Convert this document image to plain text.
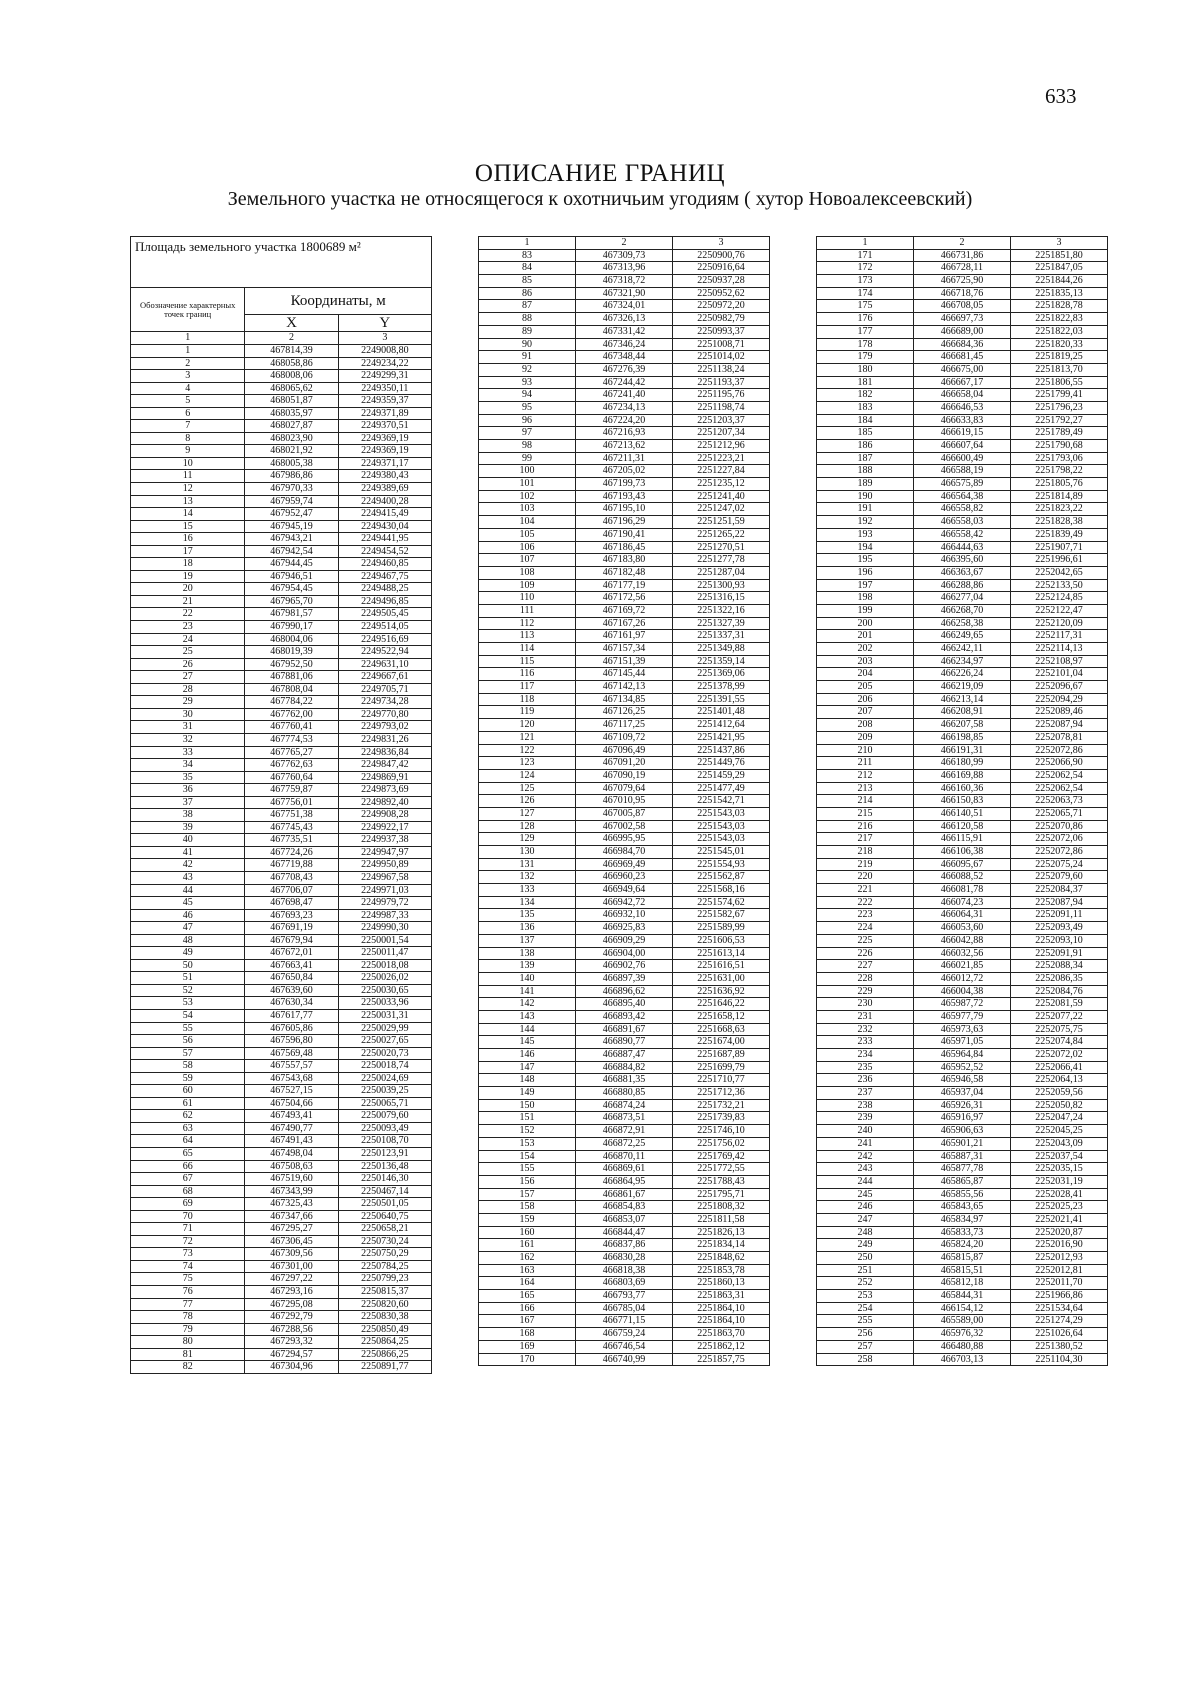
633
ОПИСАНИЕ ГРАНИЦ
Земельного участка не относящегося к охотничьим угодиям ( хутор Новоалексеевский)
Площадь земельного участка 1800689 м²		
Обозначение характерных точек границ	Координаты, м	
	X	Y
1	2	3
1	467814,39	2249008,80
2	468058,86	2249234,22
3	468008,06	2249299,31
4	468065,62	2249350,11
5	468051,87	2249359,37
6	468035,97	2249371,89
7	468027,87	2249370,51
8	468023,90	2249369,19
9	468021,92	2249369,19
10	468005,38	2249371,17
11	467986,86	2249380,43
12	467970,33	2249389,69
13	467959,74	2249400,28
14	467952,47	2249415,49
15	467945,19	2249430,04
16	467943,21	2249441,95
17	467942,54	2249454,52
18	467944,45	2249460,85
19	467946,51	2249467,75
20	467954,45	2249488,25
21	467965,70	2249496,85
22	467981,57	2249505,45
23	467990,17	2249514,05
24	468004,06	2249516,69
25	468019,39	2249522,94
26	467952,50	2249631,10
27	467881,06	2249667,61
28	467808,04	2249705,71
29	467784,22	2249734,28
30	467762,00	2249770,80
31	467760,41	2249793,02
32	467774,53	2249831,26
33	467765,27	2249836,84
34	467762,63	2249847,42
35	467760,64	2249869,91
36	467759,87	2249873,69
37	467756,01	2249892,40
38	467751,38	2249908,28
39	467745,43	2249922,17
40	467735,51	2249937,38
41	467724,26	2249947,97
42	467719,88	2249950,89
43	467708,43	2249967,58
44	467706,07	2249971,03
45	467698,47	2249979,72
46	467693,23	2249987,33
47	467691,19	2249990,30
48	467679,94	2250001,54
49	467672,01	2250011,47
50	467663,41	2250018,08
51	467650,84	2250026,02
52	467639,60	2250030,65
53	467630,34	2250033,96
54	467617,77	2250031,31
55	467605,86	2250029,99
56	467596,80	2250027,65
57	467569,48	2250020,73
58	467557,57	2250018,74
59	467543,68	2250024,69
60	467527,15	2250039,25
61	467504,66	2250065,71
62	467493,41	2250079,60
63	467490,77	2250093,49
64	467491,43	2250108,70
65	467498,04	2250123,91
66	467508,63	2250136,48
67	467519,60	2250146,30
68	467343,99	2250467,14
69	467325,43	2250501,05
70	467347,66	2250640,75
71	467295,27	2250658,21
72	467306,45	2250730,24
73	467309,56	2250750,29
74	467301,00	2250784,25
75	467297,22	2250799,23
76	467293,16	2250815,37
77	467295,08	2250820,60
78	467292,79	2250830,38
79	467288,56	2250850,49
80	467293,32	2250864,25
81	467294,57	2250866,25
82	467304,96	2250891,77
1	2	3
83	467309,73	2250900,76
84	467313,96	2250916,64
85	467318,72	2250937,28
86	467321,90	2250952,62
87	467324,01	2250972,20
88	467326,13	2250982,79
89	467331,42	2250993,37
90	467346,24	2251008,71
91	467348,44	2251014,02
92	467276,39	2251138,24
93	467244,42	2251193,37
94	467241,40	2251195,76
95	467234,13	2251198,74
96	467224,20	2251203,37
97	467216,93	2251207,34
98	467213,62	2251212,96
99	467211,31	2251223,21
100	467205,02	2251227,84
101	467199,73	2251235,12
102	467193,43	2251241,40
103	467195,10	2251247,02
104	467196,29	2251251,59
105	467190,41	2251265,22
106	467186,45	2251270,51
107	467183,80	2251277,78
108	467182,48	2251287,04
109	467177,19	2251300,93
110	467172,56	2251316,15
111	467169,72	2251322,16
112	467167,26	2251327,39
113	467161,97	2251337,31
114	467157,34	2251349,88
115	467151,39	2251359,14
116	467145,44	2251369,06
117	467142,13	2251378,99
118	467134,85	2251391,55
119	467126,25	2251401,48
120	467117,25	2251412,64
121	467109,72	2251421,95
122	467096,49	2251437,86
123	467091,20	2251449,76
124	467090,19	2251459,29
125	467079,64	2251477,49
126	467010,95	2251542,71
127	467005,87	2251543,03
128	467002,58	2251543,03
129	466995,95	2251543,03
130	466984,70	2251545,01
131	466969,49	2251554,93
132	466960,23	2251562,87
133	466949,64	2251568,16
134	466942,72	2251574,62
135	466932,10	2251582,67
136	466925,83	2251589,99
137	466909,29	2251606,53
138	466904,00	2251613,14
139	466902,76	2251616,51
140	466897,39	2251631,00
141	466896,62	2251636,92
142	466895,40	2251646,22
143	466893,42	2251658,12
144	466891,67	2251668,63
145	466890,77	2251674,00
146	466887,47	2251687,89
147	466884,82	2251699,79
148	466881,35	2251710,77
149	466880,85	2251712,36
150	466874,24	2251732,21
151	466873,51	2251739,83
152	466872,91	2251746,10
153	466872,25	2251756,02
154	466870,11	2251769,42
155	466869,61	2251772,55
156	466864,95	2251788,43
157	466861,67	2251795,71
158	466854,83	2251808,32
159	466853,07	2251811,58
160	466844,47	2251826,13
161	466837,86	2251834,14
162	466830,28	2251848,62
163	466818,38	2251853,78
164	466803,69	2251860,13
165	466793,77	2251863,31
166	466785,04	2251864,10
167	466771,15	2251864,10
168	466759,24	2251863,70
169	466746,54	2251862,12
170	466740,99	2251857,75
1	2	3
171	466731,86	2251851,80
172	466728,11	2251847,05
173	466725,90	2251844,26
174	466718,76	2251835,13
175	466708,05	2251828,78
176	466697,73	2251822,83
177	466689,00	2251822,03
178	466684,36	2251820,33
179	466681,45	2251819,25
180	466675,00	2251813,70
181	466667,17	2251806,55
182	466658,04	2251799,41
183	466646,53	2251796,23
184	466633,83	2251792,27
185	466619,15	2251789,49
186	466607,64	2251790,68
187	466600,49	2251793,06
188	466588,19	2251798,22
189	466575,89	2251805,76
190	466564,38	2251814,89
191	466558,82	2251823,22
192	466558,03	2251828,38
193	466558,42	2251839,49
194	466444,63	2251907,71
195	466395,60	2251996,61
196	466363,67	2252042,65
197	466288,86	2252133,50
198	466277,04	2252124,85
199	466268,70	2252122,47
200	466258,38	2252120,09
201	466249,65	2252117,31
202	466242,11	2252114,13
203	466234,97	2252108,97
204	466226,24	2252101,04
205	466219,09	2252096,67
206	466213,14	2252094,29
207	466208,91	2252089,46
208	466207,58	2252087,94
209	466198,85	2252078,81
210	466191,31	2252072,86
211	466180,99	2252066,90
212	466169,88	2252062,54
213	466160,36	2252062,54
214	466150,83	2252063,73
215	466140,51	2252065,71
216	466120,58	2252070,86
217	466115,91	2252072,06
218	466106,38	2252072,86
219	466095,67	2252075,24
220	466088,52	2252079,60
221	466081,78	2252084,37
222	466074,23	2252087,94
223	466064,31	2252091,11
224	466053,60	2252093,49
225	466042,88	2252093,10
226	466032,56	2252091,91
227	466021,85	2252088,34
228	466012,72	2252086,35
229	466004,38	2252084,76
230	465987,72	2252081,59
231	465977,79	2252077,22
232	465973,63	2252075,75
233	465971,05	2252074,84
234	465964,84	2252072,02
235	465952,52	2252066,41
236	465946,58	2252064,13
237	465937,04	2252059,56
238	465926,31	2252050,82
239	465916,97	2252047,24
240	465906,63	2252045,25
241	465901,21	2252043,09
242	465887,31	2252037,54
243	465877,78	2252035,15
244	465865,87	2252031,19
245	465855,56	2252028,41
246	465843,65	2252025,23
247	465834,97	2252021,41
248	465833,73	2252020,87
249	465824,20	2252016,90
250	465815,87	2252012,93
251	465815,51	2252012,81
252	465812,18	2252011,70
253	465844,31	2251966,86
254	466154,12	2251534,64
255	465589,00	2251274,29
256	465976,32	2251026,64
257	466480,88	2251380,52
258	466703,13	2251104,30
